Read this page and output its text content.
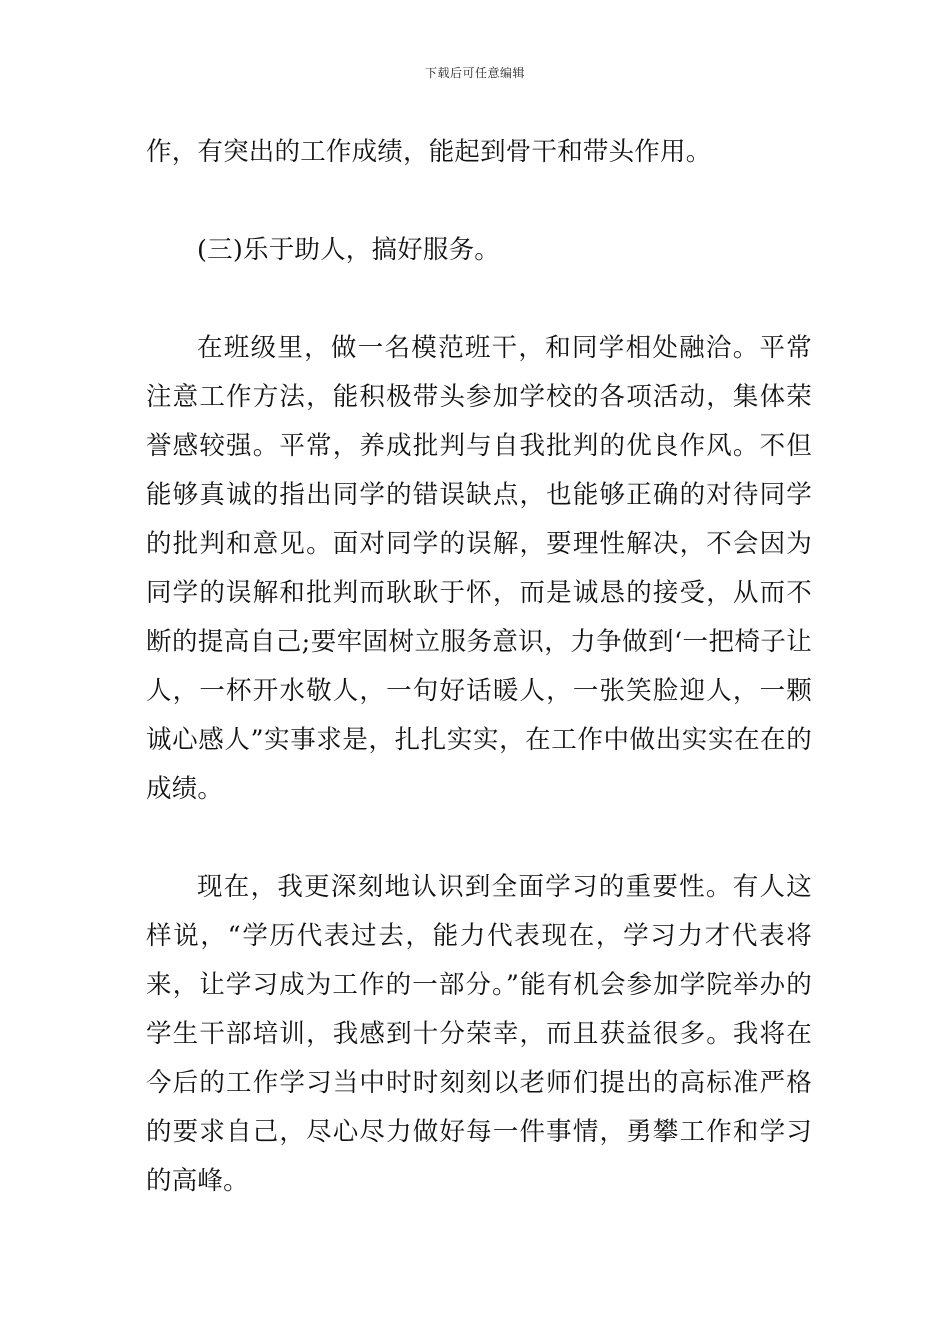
下载后可任意编辑

作，有突出的工作成绩，能起到骨干和带头作用。

(三)乐于助人，搞好服务。

在班级里，做一名模范班干，和同学相处融洽。平常注意工作方法，能积极带头参加学校的各项活动，集体荣誉感较强。平常，养成批判与自我批判的优良作风。不但能够真诚的指出同学的错误缺点，也能够正确的对待同学的批判和意见。面对同学的误解，要理性解决，不会因为同学的误解和批判而耿耿于怀，而是诚恳的接受，从而不断的提高自己;要牢固树立服务意识，力争做到‘一把椅子让人，一杯开水敬人，一句好话暖人，一张笑脸迎人，一颗诚心感人”实事求是，扎扎实实，在工作中做出实实在在的成绩。

现在，我更深刻地认识到全面学习的重要性。有人这样说，“学历代表过去，能力代表现在，学习力才代表将来，让学习成为工作的一部分。”能有机会参加学院举办的学生干部培训，我感到十分荣幸，而且获益很多。我将在今后的工作学习当中时时刻刻以老师们提出的高标准严格的要求自己，尽心尽力做好每一件事情，勇攀工作和学习的高峰。
